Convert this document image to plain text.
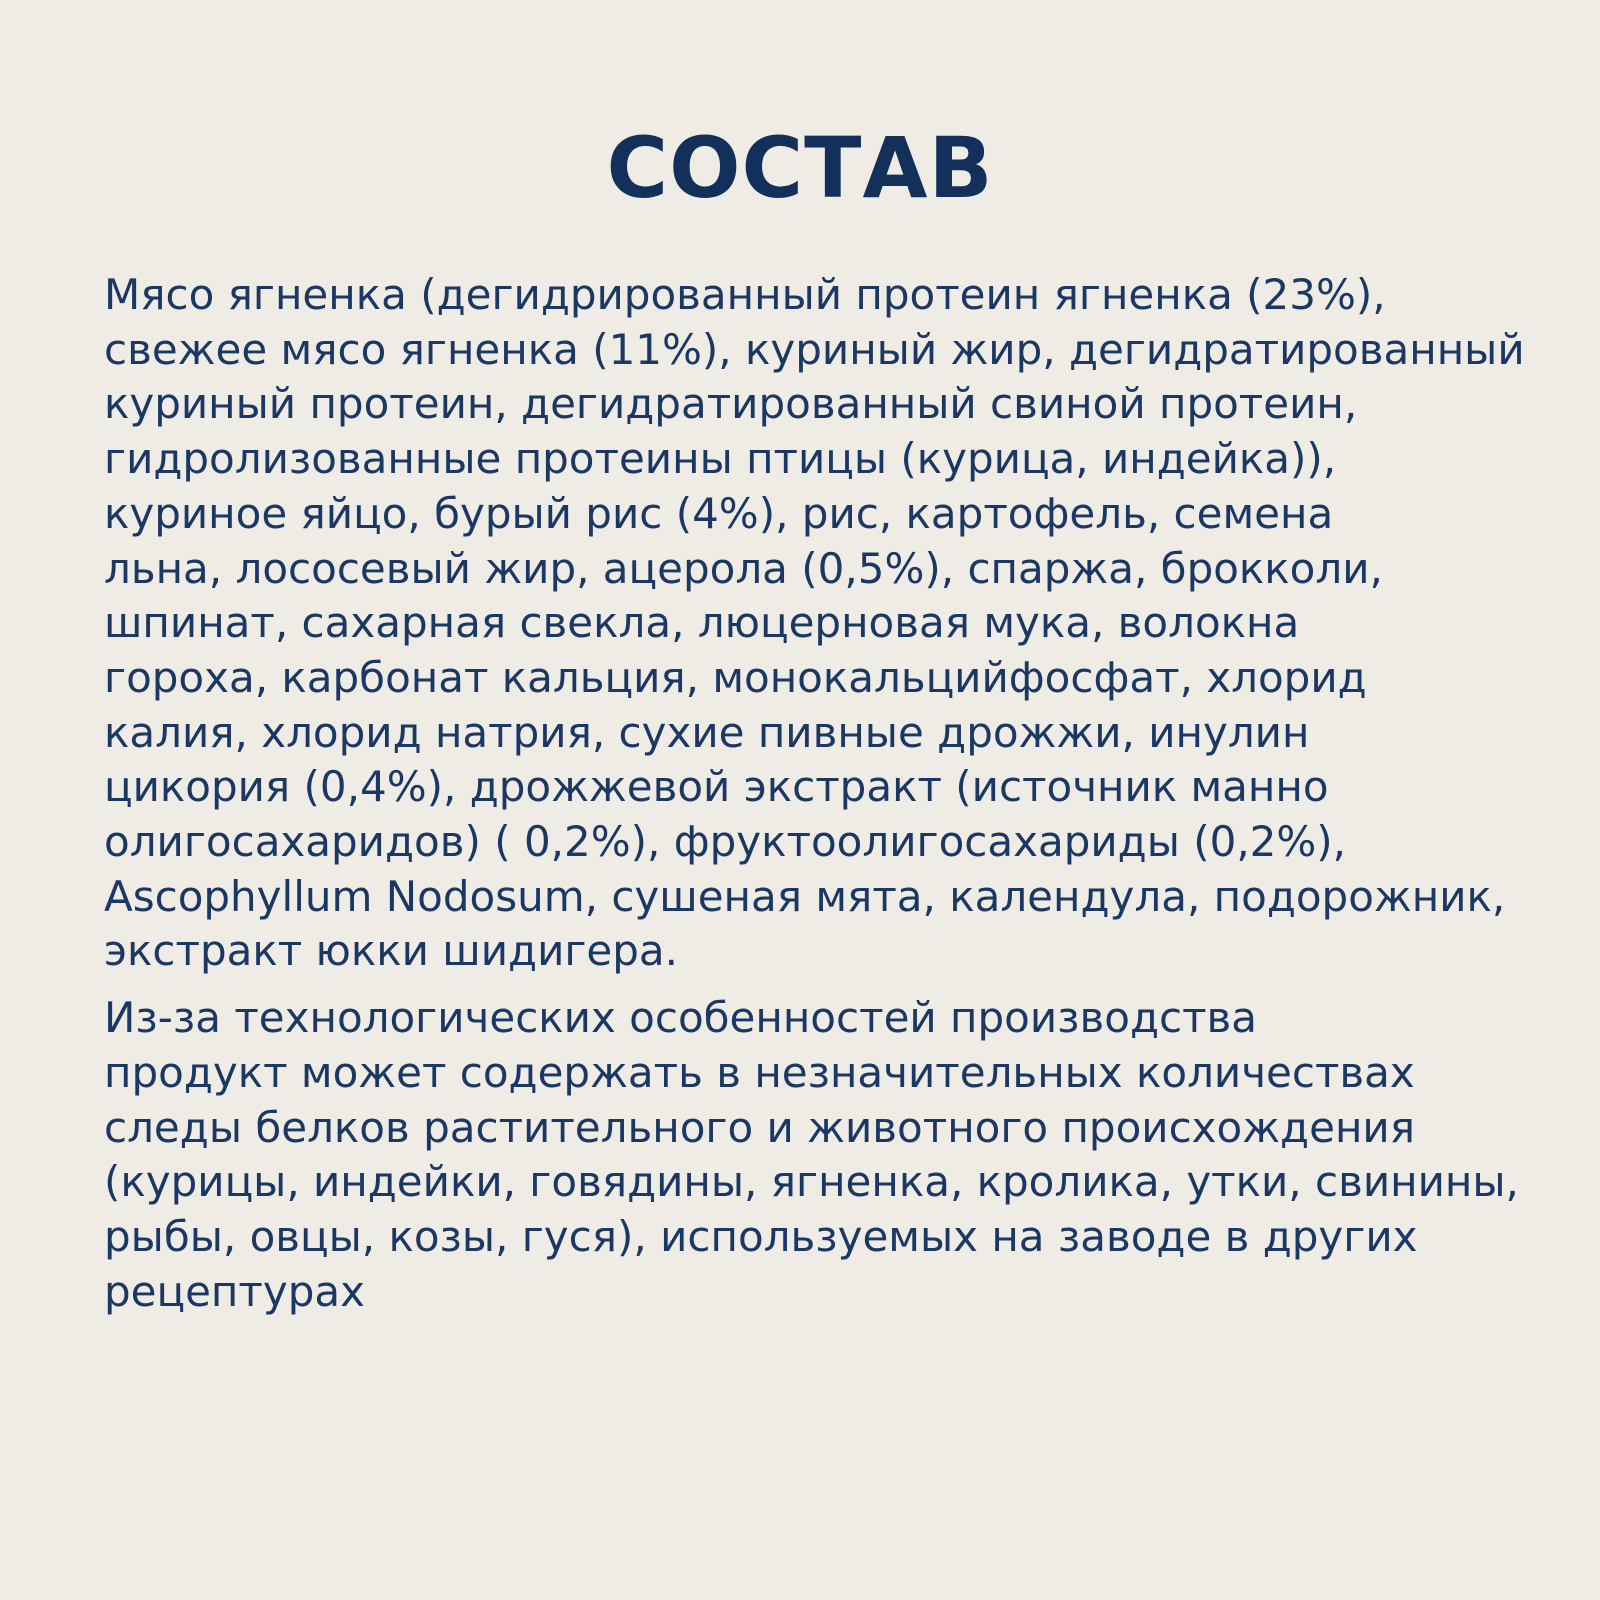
СОСТАВ

Мясо ягненка (дегидрированный протеин ягненка (23%),
свежее мясо ягненка (11%), куриный жир, дегидратированный
куриный протеин, дегидратированный свиной протеин,
гидролизованные протеины птицы (курица, индейка)),
куриное яйцо, бурый рис (4%), рис, картофель, семена
льна, лососевый жир, ацерола (0,5%), спаржа, брокколи,
шпинат, сахарная свекла, люцерновая мука, волокна
гороха, карбонат кальция, монокальцийфосфат, хлорид
калия, хлорид натрия, сухие пивные дрожжи, инулин
цикория (0,4%), дрожжевой экстракт (источник манно
олигосахаридов) ( 0,2%), фруктоолигосахариды (0,2%),
Ascophyllum Nodosum, сушеная мята, календула, подорожник,
экстракт юкки шидигера.

Из-за технологических особенностей производства
продукт может содержать в незначительных количествах
следы белков растительного и животного происхождения
(курицы, индейки, говядины, ягненка, кролика, утки, свинины,
рыбы, овцы, козы, гуся), используемых на заводе в других
рецептурах
